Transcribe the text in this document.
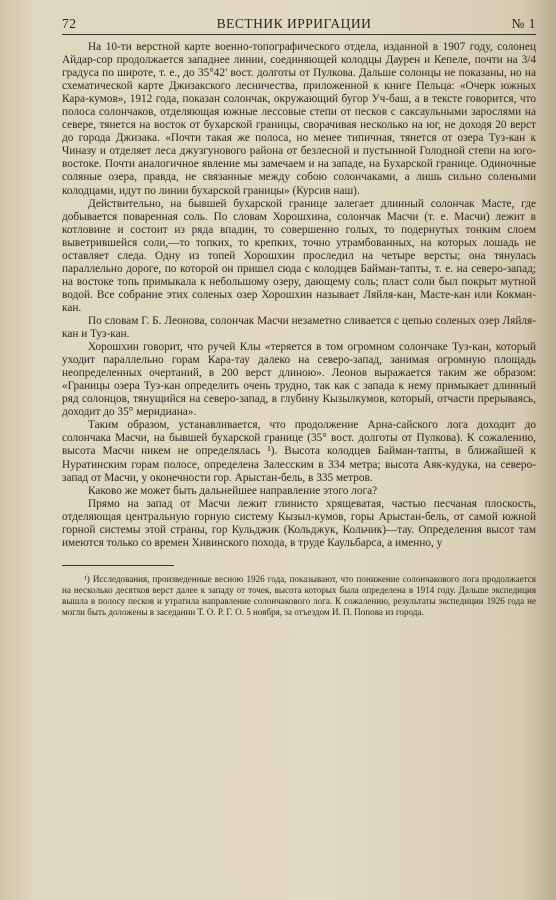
72	ВЕСТНИК ИРРИГАЦИИ	№ 1

На 10-ти верстной карте военно-топографического отдела, изданной в 1907 году, солонец Айдар-сор продолжается западнее линии, соединяющей колодцы Даурен и Кепеле, почти на 3/4 градуса по широте, т. е., до 35°42' вост. долготы от Пулкова. Дальше солонцы не показаны, но на схематической карте Джизакского лесничества, приложенной к книге Пельца: «Очерк южных Кара-кумов», 1912 года, показан солончак, окружающий бугор Уч-баш, а в тексте говорится, что полоса солончаков, отделяющая южные лессовые степи от песков с саксаульными зарослями на севере, тянется на восток от бухарской границы, сворачивая несколько на юг, не доходя 20 верст до города Джизака. «Почти такая же полоса, но менее типичная, тянется от озера Туз-кан к Чиназу и отделяет леса джузгунового района от безлесной и пустынной Голодной степи на юго-востоке. Почти аналогичное явление мы замечаем и на западе, на Бухарской границе. Одиночные соляные озера, правда, не связанные между собою солончаками, а лишь сильно солеными колодцами, идут по линии бухарской границы» (Курсив наш).

Действительно, на бывшей бухарской границе залегает длинный солончак Масте, где добывается поваренная соль. По словам Хорошхина, солончак Масчи (т. е. Масчи) лежит в котловине и состоит из ряда впадин, то совершенно голых, то подернутых тонким слоем выветрившейся соли,—то топких, то крепких, точно утрамбованных, на которых лошадь не оставляет следа. Одну из топей Хорошхин проследил на четыре версты; она тянулась параллельно дороге, по которой он пришел сюда с колодцев Байман-тапты, т. е. на северо-запад; на востоке топь примыкала к небольшому озеру, дающему соль; пласт соли был покрыт мутной водой. Все собрание этих соленых озер Хорошхин называет Ляйля-кан, Масте-кан или Кокман-кан.

По словам Г. Б. Леонова, солончак Масчи незаметно сливается с цепью соленых озер Ляйля-кан и Туз-кан.

Хорошхин говорит, что ручей Клы «теряется в том огромном солончаке Туз-кан, который уходит параллельно горам Кара-тау далеко на северо-запад, занимая огромную площадь неопределенных очертаний, в 200 верст длиною». Леонов выражается таким же образом: «Границы озера Туз-кан определить очень трудно, так как с запада к нему примыкает длинный ряд солонцов, тянущийся на северо-запад, в глубину Кызылкумов, который, отчасти прерываясь, доходит до 35° меридиана».

Таким образом, устанавливается, что продолжение Арна-сайского лога доходит до солончака Масчи, на бывшей бухарской границе (35° вост. долготы от Пулкова). К сожалению, высота Масчи никем не определялась ¹). Высота колодцев Байман-тапты, в ближайшей к Нуратинским горам полосе, определена Залесским в 334 метра; высота Аяк-кудука, на северо-запад от Масчи, у оконечности гор. Арыстан-бель, в 335 метров.

Каково же может быть дальнейшее направление этого лога?

Прямо на запад от Масчи лежит глинисто хрящеватая, частью песчаная плоскость, отделяющая центральную горную систему Кызыл-кумов, горы Арыстан-бель, от самой южной горной системы этой страны, гор Кульджик (Кольджук, Кольчик)—тау. Определения высот там имеются только со времен Хивинского похода, в труде Каульбарса, а именно, у

¹) Исследования, произведенные весною 1926 года, показывают, что понижение солончакового лога продолжается на несколько десятков верст далее к западу от точек, высота которых была определена в 1914 году. Дальше экспедиция вышла в полосу песков и утратила направление солончакового лога. К сожалению, результаты экспедиции 1926 года не могли быть доложены в заседании Т. О. Р. Г. О. 5 ноября, за отъездом И. П. Попова из города.
